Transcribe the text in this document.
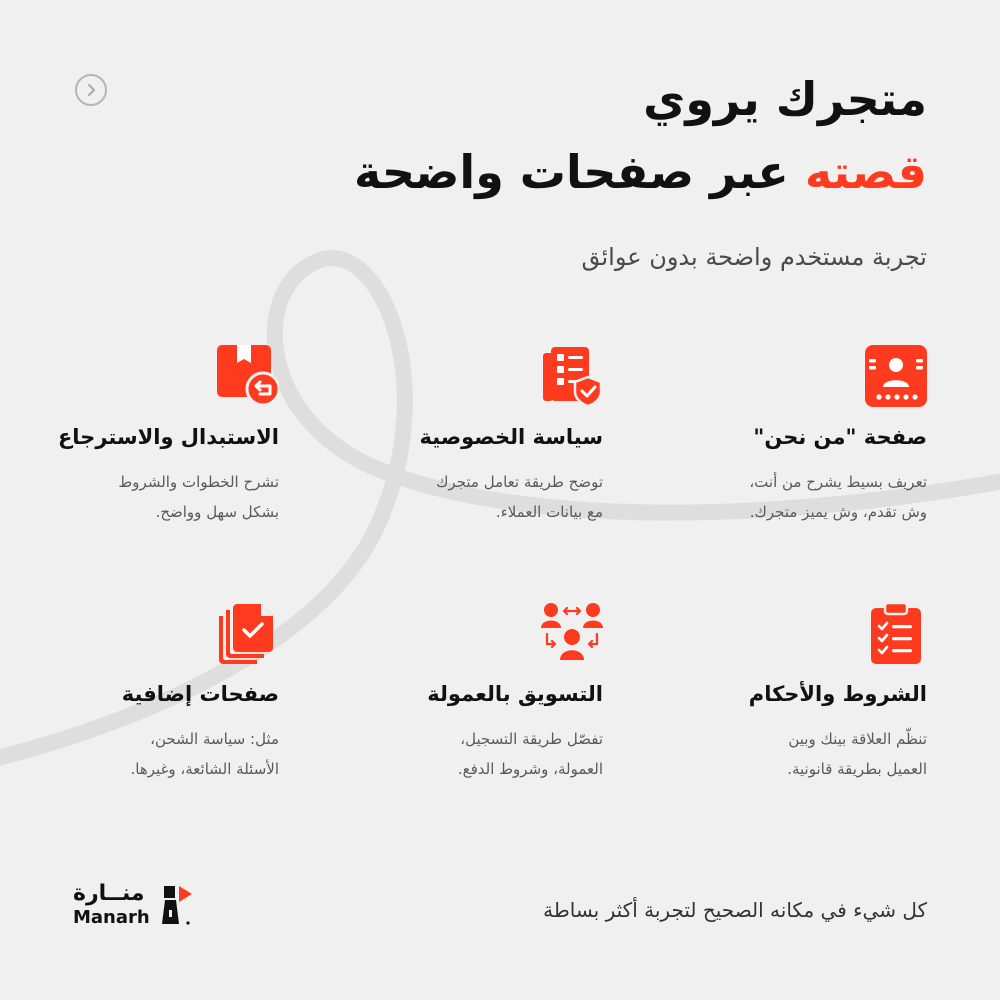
متجرك يروي
قصته عبر صفحات واضحة

تجربة مستخدم واضحة بدون عوائق

صفحة "من نحن"

تعريف بسيط يشرح من أنت،
وش تقدم، وش يميز متجرك.

سياسة الخصوصية

توضح طريقة تعامل متجرك
مع بيانات العملاء.

الاستبدال والاسترجاع

تشرح الخطوات والشروط
بشكل سهل وواضح.

الشروط والأحكام

تنظّم العلاقة بينك وبين
العميل بطريقة قانونية.

التسويق بالعمولة

تفصّل طريقة التسجيل،
العمولة، وشروط الدفع.

صفحات إضافية

مثل: سياسة الشحن،
الأسئلة الشائعة، وغيرها.

منــارة
Manarh	كل شيء في مكانه الصحيح لتجربة أكثر بساطة
